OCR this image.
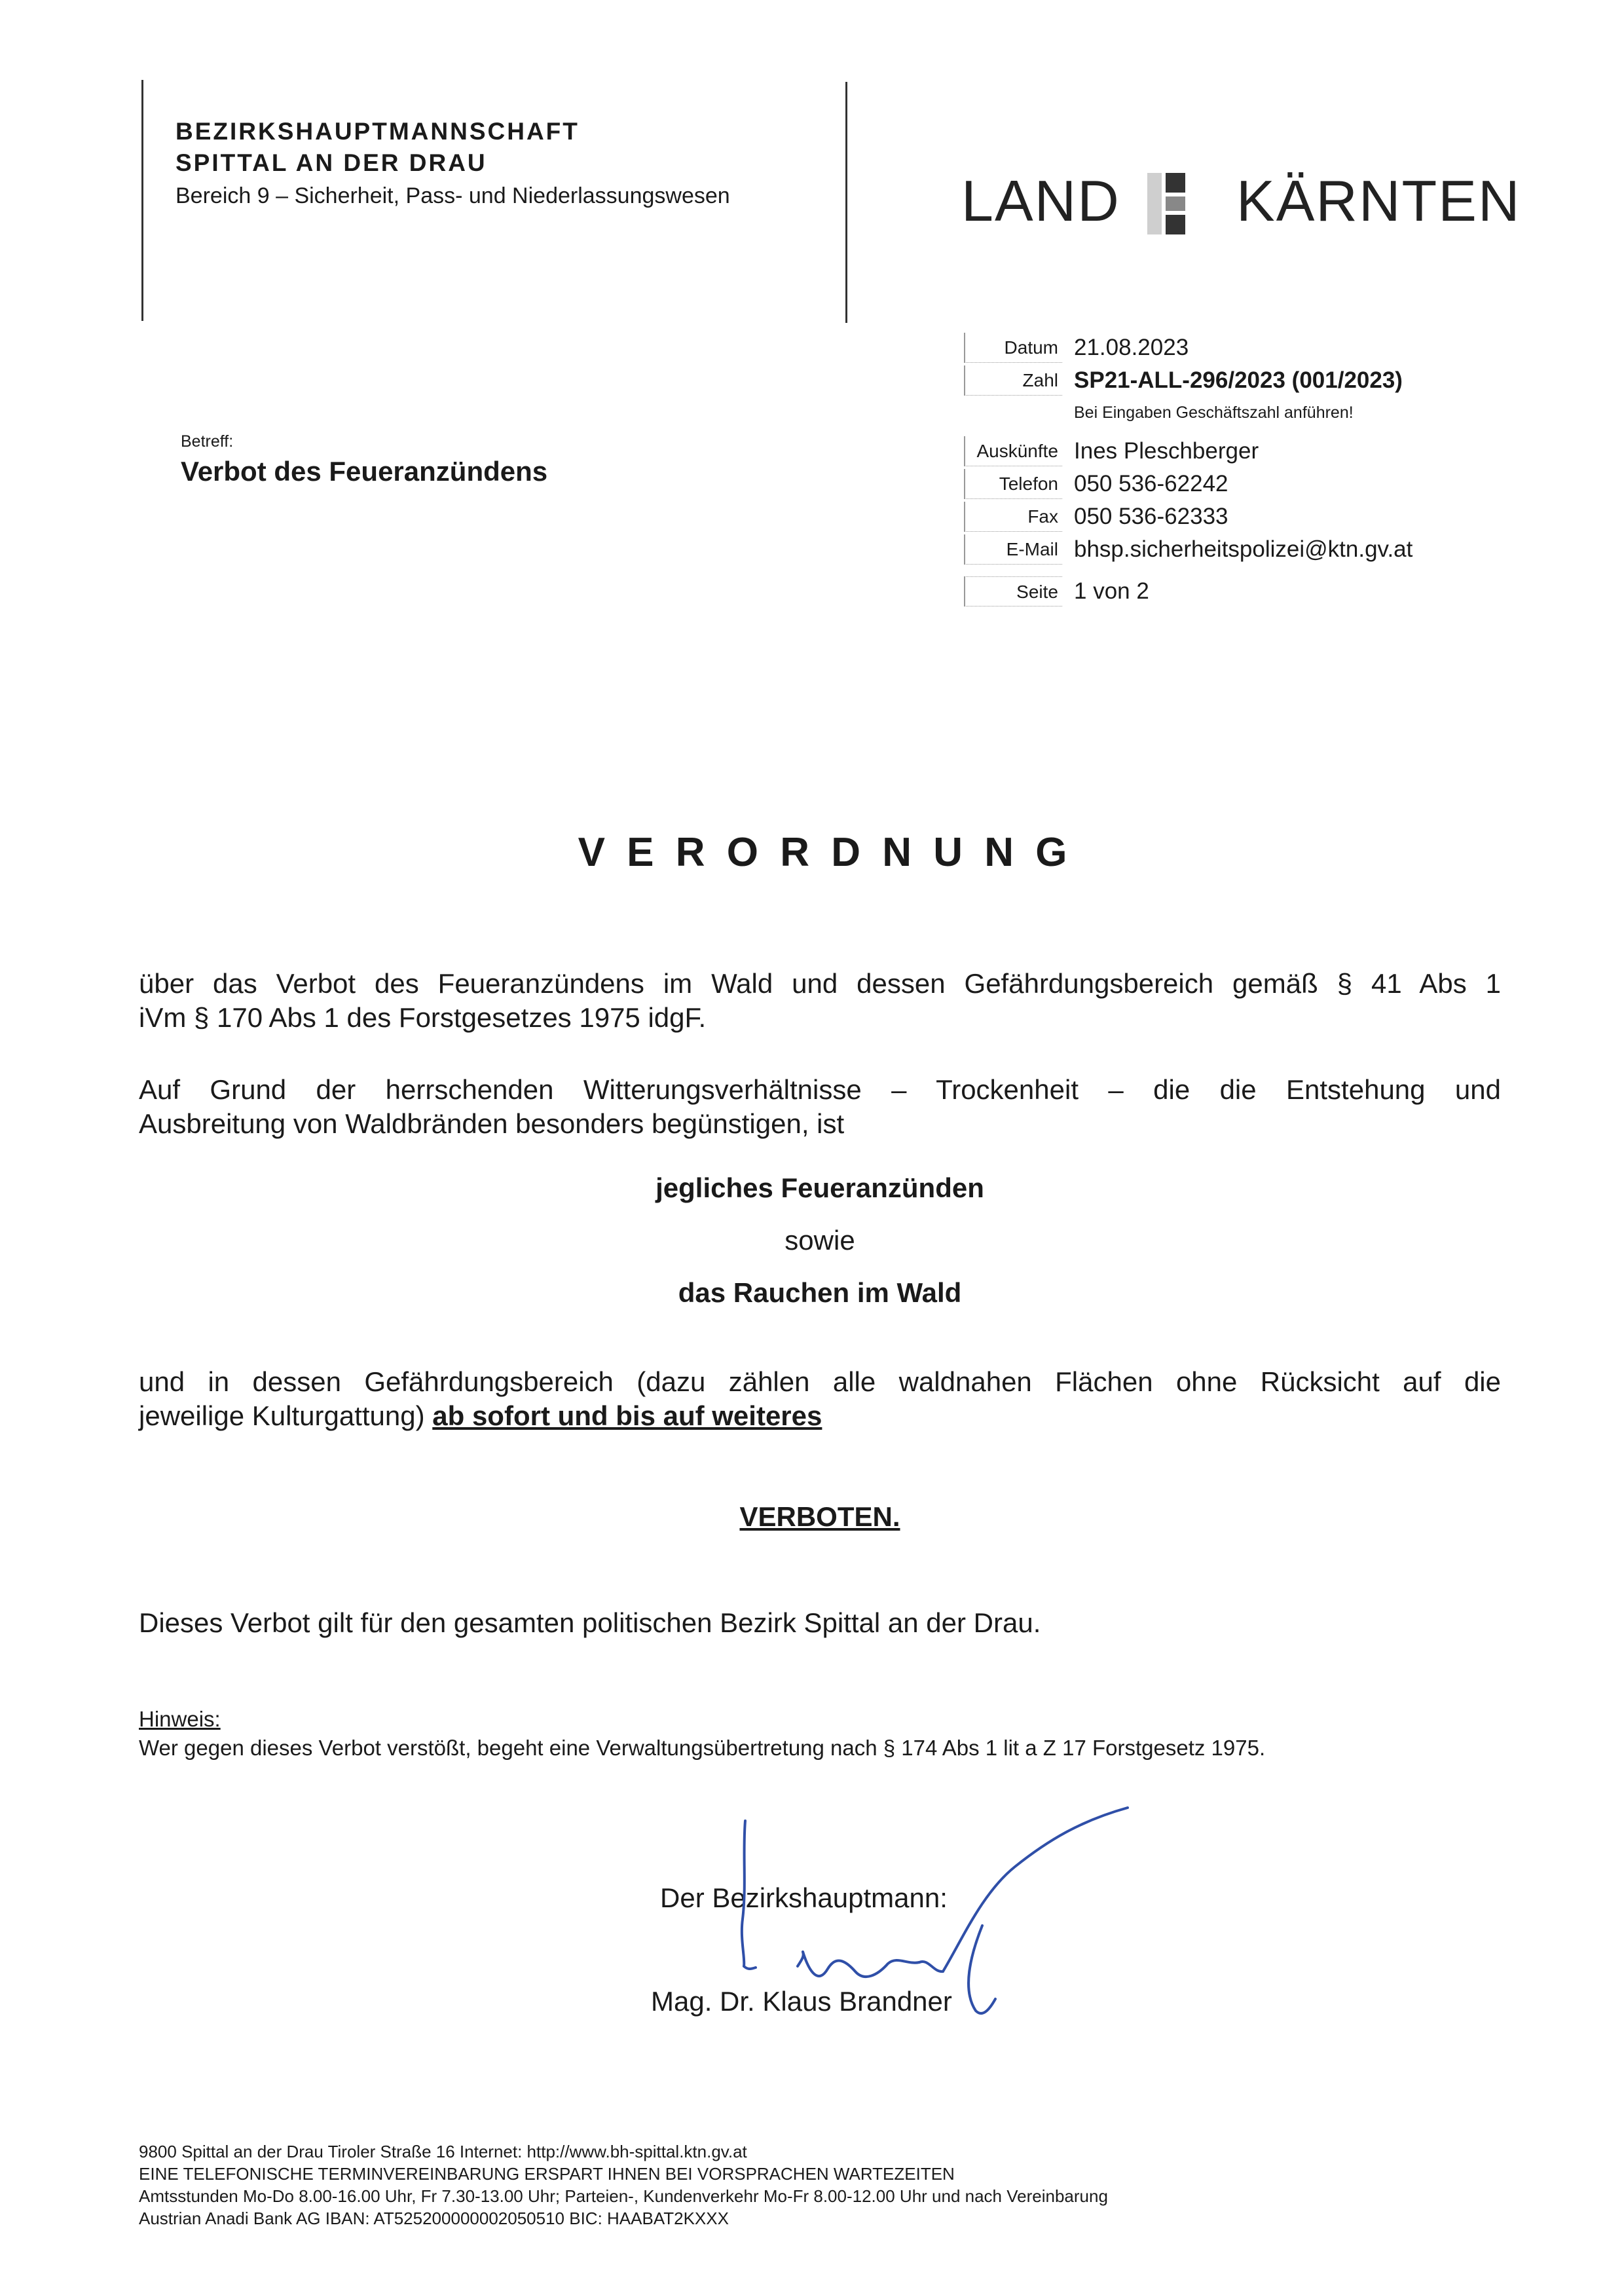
BEZIRKSHAUPTMANNSCHAFT
SPITTAL AN DER DRAU
Bereich 9 – Sicherheit, Pass- und Niederlassungswesen	LAND KÄRNTEN
Datum 21.08.2023
Zahl SP21-ALL-296/2023 (001/2023)
Bei Eingaben Geschäftszahl anführen!
Auskünfte Ines Pleschberger
Telefon 050 536-62242
Fax 050 536-62333
E-Mail bhsp.sicherheitspolizei@ktn.gv.at
Seite 1 von 2
Betreff:
Verbot des Feueranzündens
V E R O R D N U N G
über das Verbot des Feueranzündens im Wald und dessen Gefährdungsbereich gemäß § 41 Abs 1
iVm § 170 Abs 1 des Forstgesetzes 1975 idgF.
Auf Grund der herrschenden Witterungsverhältnisse – Trockenheit – die die Entstehung und
Ausbreitung von Waldbränden besonders begünstigen, ist
jegliches Feueranzünden
sowie
das Rauchen im Wald
und in dessen Gefährdungsbereich (dazu zählen alle waldnahen Flächen ohne Rücksicht auf die
jeweilige Kulturgattung) ab sofort und bis auf weiteres
VERBOTEN.
Dieses Verbot gilt für den gesamten politischen Bezirk Spittal an der Drau.
Hinweis:
Wer gegen dieses Verbot verstößt, begeht eine Verwaltungsübertretung nach § 174 Abs 1 lit a Z 17 Forstgesetz 1975.
Der Bezirkshauptmann:
Mag. Dr. Klaus Brandner
9800 Spittal an der Drau Tiroler Straße 16 Internet: http://www.bh-spittal.ktn.gv.at
EINE TELEFONISCHE TERMINVEREINBARUNG ERSPART IHNEN BEI VORSPRACHEN WARTEZEITEN
Amtsstunden Mo-Do 8.00-16.00 Uhr, Fr 7.30-13.00 Uhr; Parteien-, Kundenverkehr Mo-Fr 8.00-12.00 Uhr und nach Vereinbarung
Austrian Anadi Bank AG IBAN: AT525200000002050510 BIC: HAABAT2KXXX
